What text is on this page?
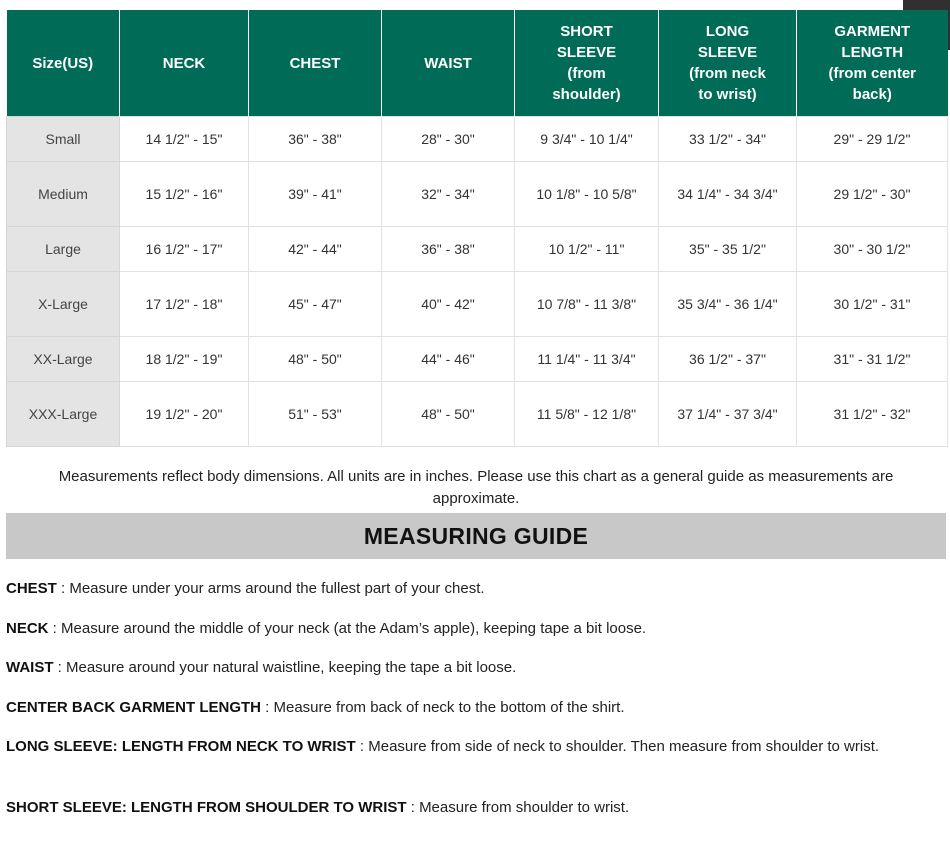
Size(US)	NECK	CHEST	WAIST	SHORT
SLEEVE
(from
shoulder)	LONG
SLEEVE
(from neck
to wrist)	GARMENT
LENGTH
(from center
back)
Small	14 1/2" - 15"	36" - 38"	28" - 30"	9 3/4" - 10 1/4"	33 1/2" - 34"	29" - 29 1/2"
Medium	15 1/2" - 16"	39" - 41"	32" - 34"	10 1/8" - 10 5/8"	34 1/4" - 34 3/4"	29 1/2" - 30"
Large	16 1/2" - 17"	42" - 44"	36" - 38"	10 1/2" - 11"	35" - 35 1/2"	30" - 30 1/2"
X-Large	17 1/2" - 18"	45" - 47"	40" - 42"	10 7/8" - 11 3/8"	35 3/4" - 36 1/4"	30 1/2" - 31"
XX-Large	18 1/2" - 19"	48" - 50"	44" - 46"	11 1/4" - 11 3/4"	36 1/2" - 37"	31" - 31 1/2"
XXX-Large	19 1/2" - 20"	51" - 53"	48" - 50"	11 5/8" - 12 1/8"	37 1/4" - 37 3/4"	31 1/2" - 32"

Measurements reflect body dimensions. All units are in inches. Please use this chart as a general guide as measurements are approximate.

MEASURING GUIDE

CHEST : Measure under your arms around the fullest part of your chest.

NECK : Measure around the middle of your neck (at the Adam’s apple), keeping tape a bit loose.

WAIST : Measure around your natural waistline, keeping the tape a bit loose.

CENTER BACK GARMENT LENGTH : Measure from back of neck to the bottom of the shirt.

LONG SLEEVE: LENGTH FROM NECK TO WRIST : Measure from side of neck to shoulder. Then measure from shoulder to wrist.

SHORT SLEEVE: LENGTH FROM SHOULDER TO WRIST : Measure from shoulder to wrist.
